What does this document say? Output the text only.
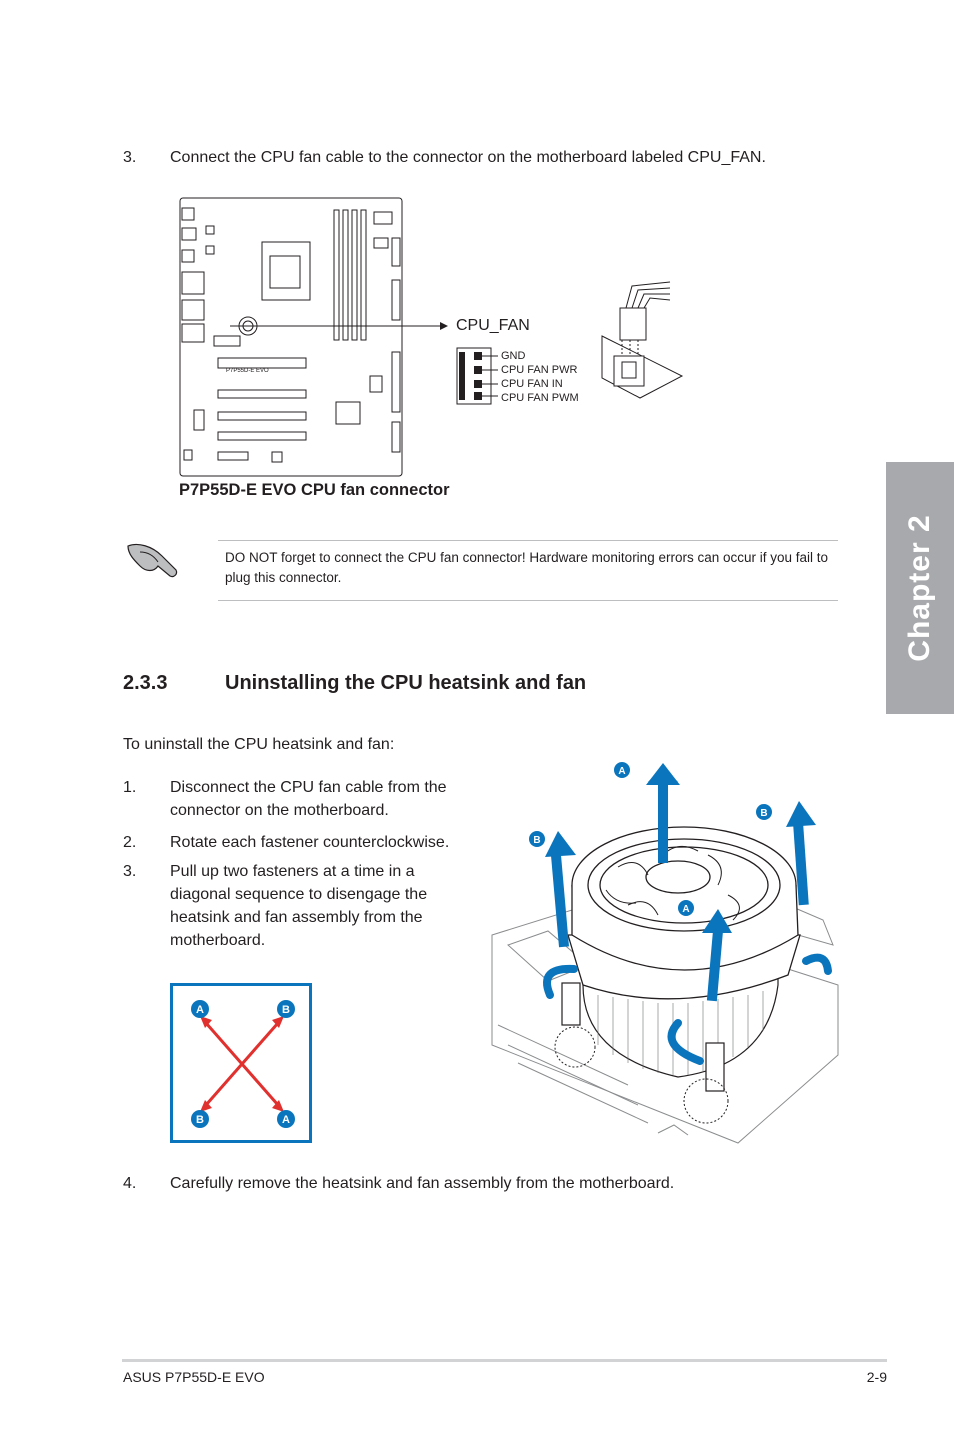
Chapter 2
3. Connect the CPU fan cable to the connector on the motherboard labeled CPU_FAN.
P7P55D-E EVO
CPU_FAN
GND
CPU FAN PWR
CPU FAN IN
CPU FAN PWM
P7P55D-E EVO CPU fan connector
DO NOT forget to connect the CPU fan connector! Hardware monitoring errors can occur if you fail to plug this connector.
2.3.3	Uninstalling the CPU heatsink and fan
To uninstall the CPU heatsink and fan:
1. Disconnect the CPU fan cable from the connector on the motherboard.
2. Rotate each fastener counterclockwise.
3. Pull up two fasteners at a time in a diagonal sequence to disengage the heatsink and fan assembly from the motherboard.
A	B
B	A
A
B
B
A
4. Carefully remove the heatsink and fan assembly from the motherboard.
ASUS P7P55D-E EVO	2-9
